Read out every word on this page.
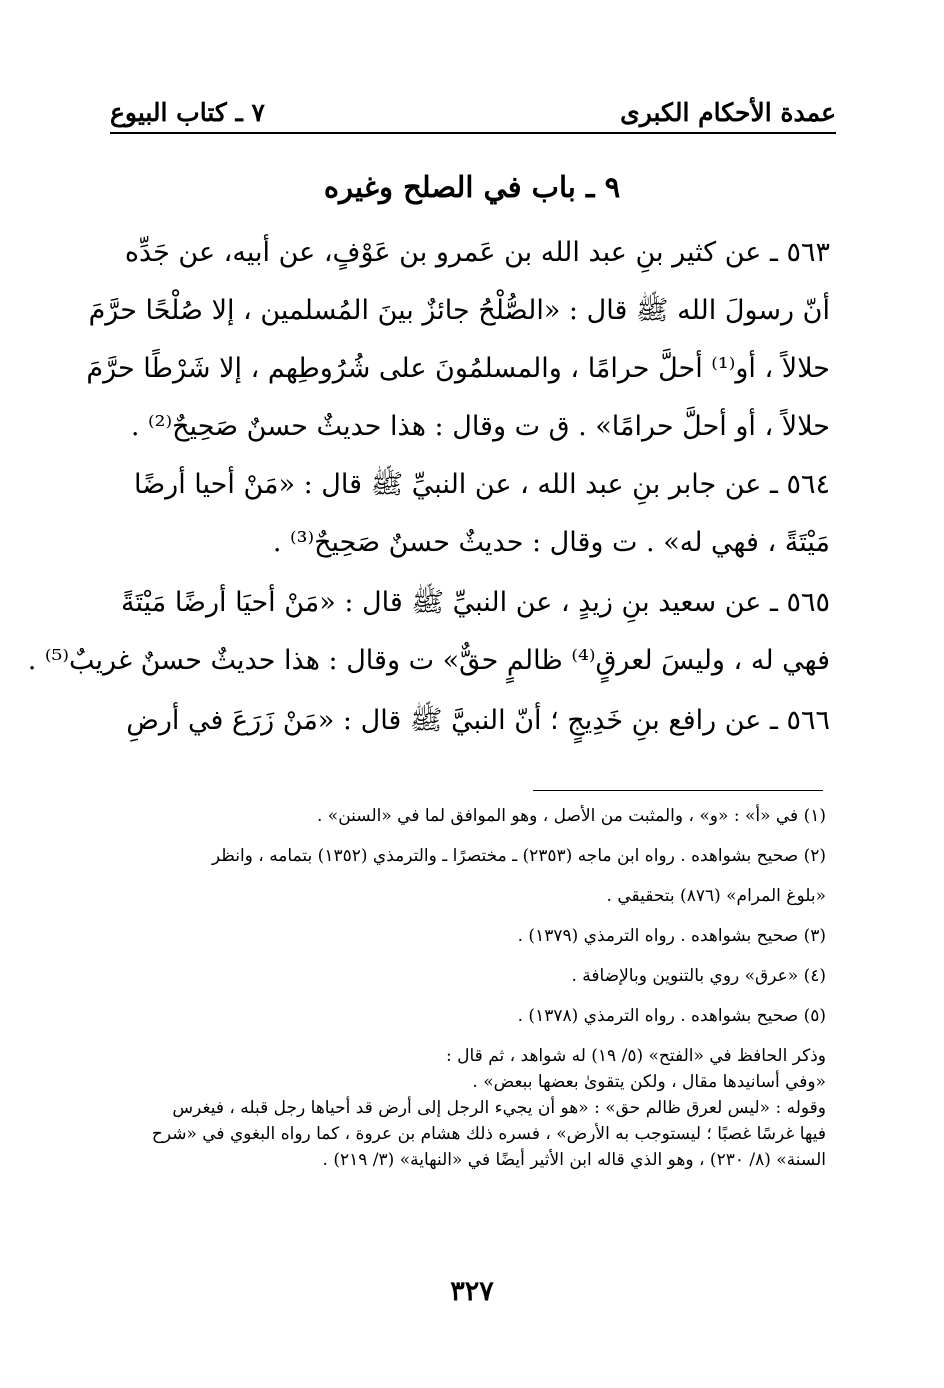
عمدة الأحكام الكبرى
٧ ـ كتاب البيوع
٩ ـ باب في الصلح وغيره
٥٦٣ ـ عن كثير بنِ عبد الله بن عَمرو بن عَوْفٍ، عن أبيه، عن جَدِّه
أنّ رسولَ الله ﷺ قال : «الصُّلْحُ جائزٌ بينَ المُسلمين ، إلا صُلْحًا حرَّمَ
حلالاً ، أو⁽¹⁾ أحلَّ حرامًا ، والمسلمُونَ على شُرُوطِهم ، إلا شَرْطًا حرَّمَ
حلالاً ، أو أحلَّ حرامًا» . ق ت وقال : هذا حديثٌ حسنٌ صَحِيحٌ⁽²⁾ .
٥٦٤ ـ عن جابر بنِ عبد الله ، عن النبيِّ ﷺ قال : «مَنْ أحيا أرضًا
مَيْتَةً ، فهي له» . ت وقال : حديثٌ حسنٌ صَحِيحٌ⁽³⁾ .
٥٦٥ ـ عن سعيد بنِ زيدٍ ، عن النبيِّ ﷺ قال : «مَنْ أحيَا أرضًا مَيْتَةً
فهي له ، وليسَ لعرقٍ⁽⁴⁾ ظالمٍ حقٌّ» ت وقال : هذا حديثٌ حسنٌ غريبٌ⁽⁵⁾ .
٥٦٦ ـ عن رافع بنِ خَدِيجٍ ؛ أنّ النبيَّ ﷺ قال : «مَنْ زَرَعَ في أرضِ

(١) في «أ» : «و» ، والمثبت من الأصل ، وهو الموافق لما في «السنن» .

(٢) صحيح بشواهده . رواه ابن ماجه (٢٣٥٣) ـ مختصرًا ـ والترمذي (١٣٥٢) بتمامه ، وانظر

«بلوغ المرام» (٨٧٦) بتحقيقي .

(٣) صحيح بشواهده . رواه الترمذي (١٣٧٩) .

(٤) «عرق» روي بالتنوين وبالإضافة .

(٥) صحيح بشواهده . رواه الترمذي (١٣٧٨) .

وذكر الحافظ في «الفتح» (٥/ ١٩) له شواهد ، ثم قال :

«وفي أسانيدها مقال ، ولكن يتقوىٰ بعضها ببعض» .

وقوله : «ليس لعرق ظالم حق» : «هو أن يجيء الرجل إلى أرض قد أحياها رجل قبله ، فيغرس

فيها غرسًا غصبًا ؛ ليستوجب به الأرض» ، فسره ذلك هشام بن عروة ، كما رواه البغوي في «شرح

السنة» (٨/ ٢٣٠) ، وهو الذي قاله ابن الأثير أيضًا في «النهاية» (٣/ ٢١٩) .

٣٢٧
